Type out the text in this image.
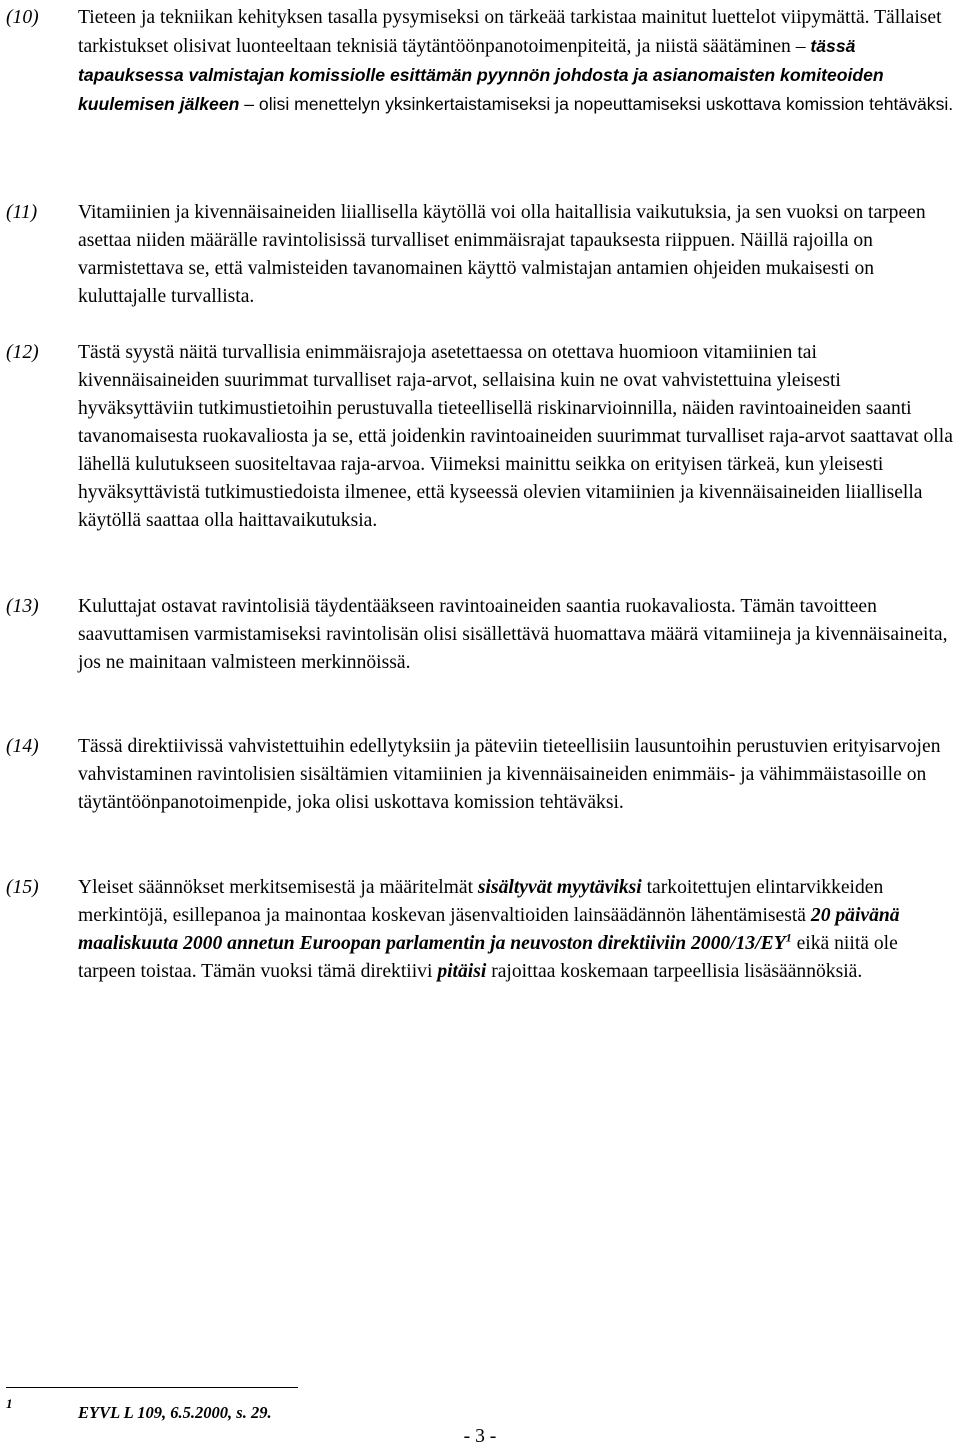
(10) Tieteen ja tekniikan kehityksen tasalla pysymiseksi on tärkeää tarkistaa mainitut luettelot viipymättä. Tällaiset tarkistukset olisivat luonteeltaan teknisiä täytäntöönpanotoimenpiteitä, ja niistä säätäminen – tässä tapauksessa valmistajan komissiolle esittämän pyynnön johdosta ja asianomaisten komiteoiden kuulemisen jälkeen – olisi menettelyn yksinkertaistamiseksi ja nopeuttamiseksi uskottava komission tehtäväksi.
(11) Vitamiinien ja kivennäisaineiden liiallisella käytöllä voi olla haitallisia vaikutuksia, ja sen vuoksi on tarpeen asettaa niiden määrälle ravintolisissä turvalliset enimmäisrajat tapauksesta riippuen. Näillä rajoilla on varmistettava se, että valmisteiden tavanomainen käyttö valmistajan antamien ohjeiden mukaisesti on kuluttajalle turvallista.
(12) Tästä syystä näitä turvallisia enimmäisrajoja asetettaessa on otettava huomioon vitamiinien tai kivennäisaineiden suurimmat turvalliset raja-arvot, sellaisina kuin ne ovat vahvistettuina yleisesti hyväksyttäviin tutkimustietoihin perustuvalla tieteellisellä riskinarvioinnilla, näiden ravintoaineiden saanti tavanomaisesta ruokavaliosta ja se, että joidenkin ravintoaineiden suurimmat turvalliset raja-arvot saattavat olla lähellä kulutukseen suositeltavaa raja-arvoa. Viimeksi mainittu seikka on erityisen tärkeä, kun yleisesti hyväksyttävistä tutkimustiedoista ilmenee, että kyseessä olevien vitamiinien ja kivennäisaineiden liiallisella käytöllä saattaa olla haittavaikutuksia.
(13) Kuluttajat ostavat ravintolisiä täydentääkseen ravintoaineiden saantia ruokavaliosta. Tämän tavoitteen saavuttamisen varmistamiseksi ravintolisän olisi sisällettävä huomattava määrä vitamiineja ja kivennäisaineita, jos ne mainitaan valmisteen merkinnöissä.
(14) Tässä direktiivissä vahvistettuihin edellytyksiin ja päteviin tieteellisiin lausuntoihin perustuvien erityisarvojen vahvistaminen ravintolisien sisältämien vitamiinien ja kivennäisaineiden enimmäis- ja vähimmäistasoille on täytäntöönpanotoimenpide, joka olisi uskottava komission tehtäväksi.
(15) Yleiset säännökset merkitsemisestä ja määritelmät sisältyvät myytäviksi tarkoitettujen elintarvikkeiden merkintöjä, esillepanoa ja mainontaa koskevan jäsenvaltioiden lainsäädännön lähentämisestä 20 päivänä maaliskuuta 2000 annetun Euroopan parlamentin ja neuvoston direktiiviin $2000/13/EY^1$ eikä niitä ole tarpeen toistaa. Tämän vuoksi tämä direktiivi pitäisi rajoittaa koskemaan tarpeellisia lisäsäännöksiä.
1	EYVL L 109, 6.5.2000, s. 29.
- 3 -
